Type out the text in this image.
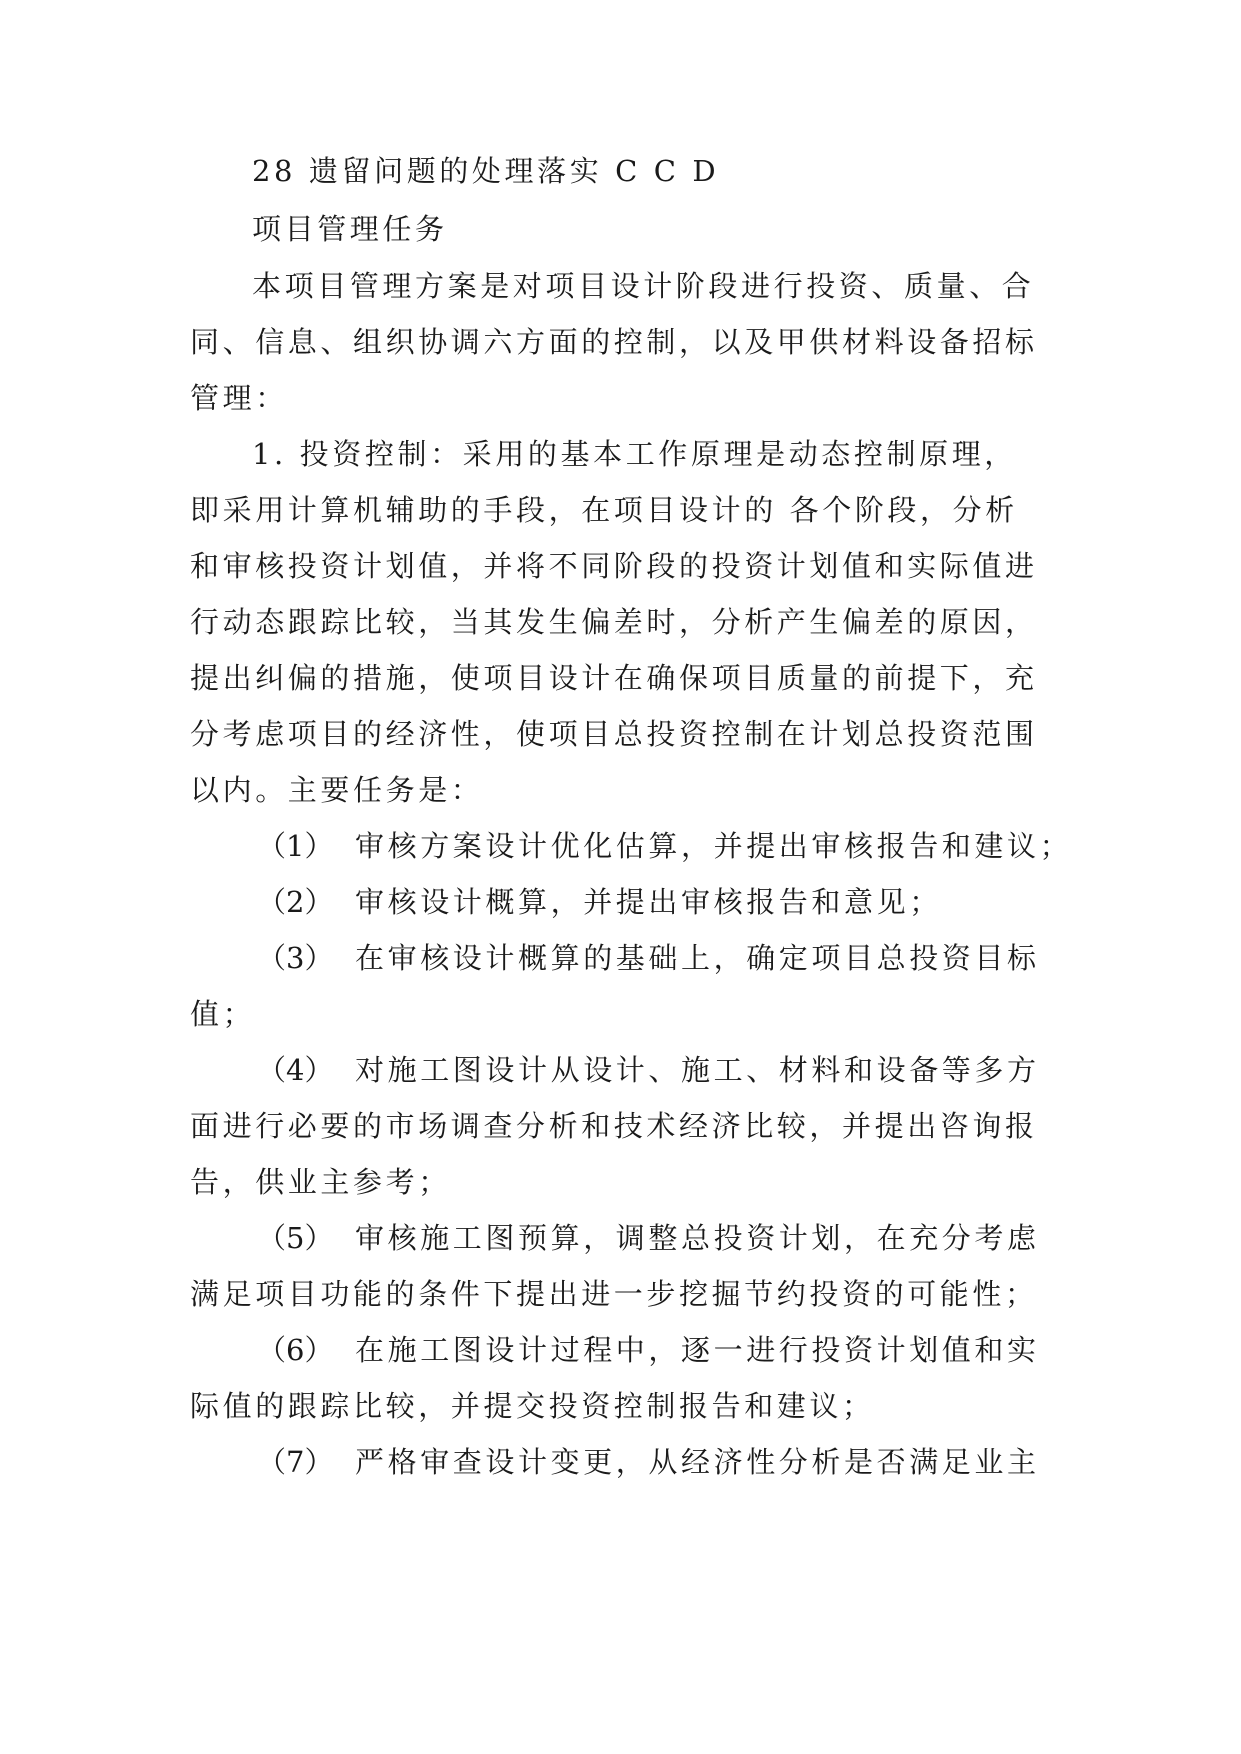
28 遗留问题的处理落实 C C D
项目管理任务
本项目管理方案是对项目设计阶段进行投资、质量、合
同、信息、组织协调六方面的控制，以及甲供材料设备招标
管理：
1. 投资控制：采用的基本工作原理是动态控制原理，
即采用计算机辅助的手段，在项目设计的 各个阶段，分析
和审核投资计划值，并将不同阶段的投资计划值和实际值进
行动态跟踪比较，当其发生偏差时，分析产生偏差的原因，
提出纠偏的措施，使项目设计在确保项目质量的前提下，充
分考虑项目的经济性，使项目总投资控制在计划总投资范围
以内。主要任务是：
（1） 审核方案设计优化估算，并提出审核报告和建议；
（2） 审核设计概算，并提出审核报告和意见；
（3） 在审核设计概算的基础上，确定项目总投资目标
值；
（4） 对施工图设计从设计、施工、材料和设备等多方
面进行必要的市场调查分析和技术经济比较，并提出咨询报
告，供业主参考；
（5） 审核施工图预算，调整总投资计划，在充分考虑
满足项目功能的条件下提出进一步挖掘节约投资的可能性；
（6） 在施工图设计过程中，逐一进行投资计划值和实
际值的跟踪比较，并提交投资控制报告和建议；
（7） 严格审查设计变更，从经济性分析是否满足业主
